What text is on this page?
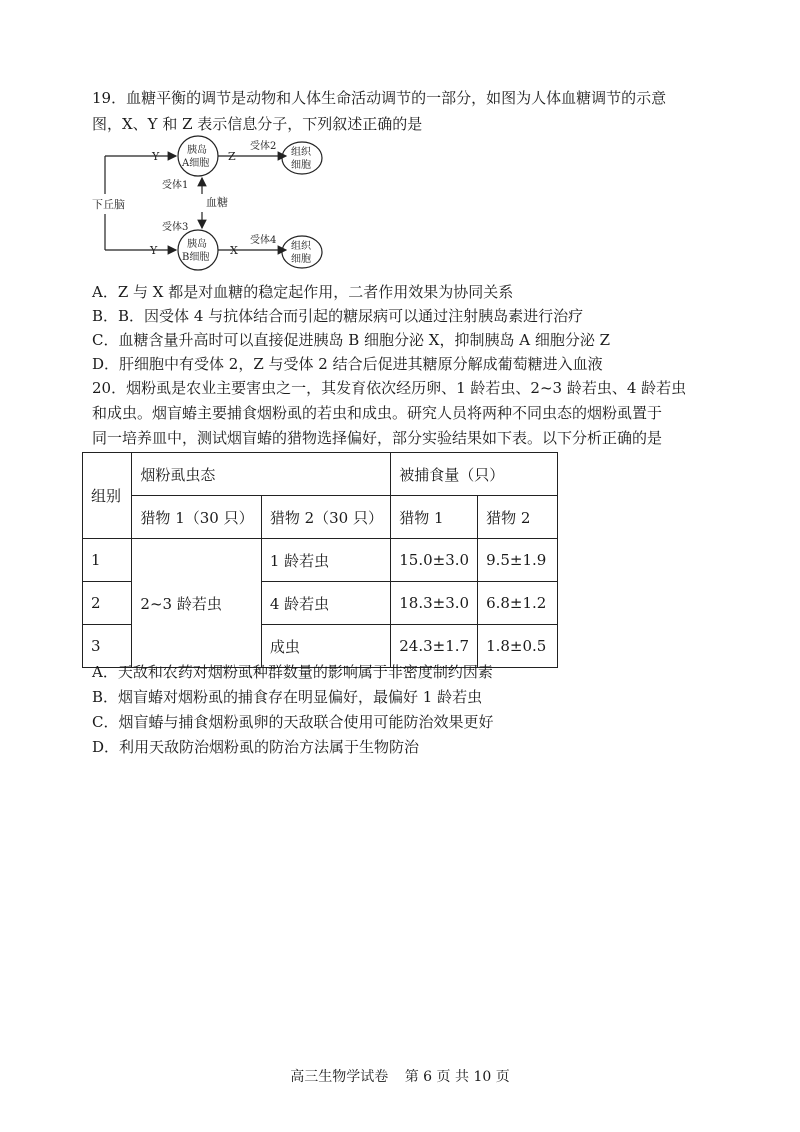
19．血糖平衡的调节是动物和人体生命活动调节的一部分，如图为人体血糖调节的示意
图，X、Y 和 Z 表示信息分子，下列叙述正确的是
下丘脑
Y
Y
胰岛
A细胞
胰岛
B细胞
血糖
受体1
受体3
Z
受体2
X
受体4
组织
细胞
组织
细胞
A．Z 与 X 都是对血糖的稳定起作用，二者作用效果为协同关系
B．B．因受体 4 与抗体结合而引起的糖尿病可以通过注射胰岛素进行治疗
C．血糖含量升高时可以直接促进胰岛 B 细胞分泌 X，抑制胰岛 A 细胞分泌 Z
D．肝细胞中有受体 2，Z 与受体 2 结合后促进其糖原分解成葡萄糖进入血液
20．烟粉虱是农业主要害虫之一，其发育依次经历卵、1 龄若虫、2~3 龄若虫、4 龄若虫
和成虫。烟盲蝽主要捕食烟粉虱的若虫和成虫。研究人员将两种不同虫态的烟粉虱置于
同一培养皿中，测试烟盲蝽的猎物选择偏好，部分实验结果如下表。以下分析正确的是
组别	烟粉虱虫态		被捕食量（只）	
	猎物 1（30 只）	猎物 2（30 只）	猎物 1	猎物 2
1	2~3 龄若虫	1 龄若虫	15.0±3.0	9.5±1.9
2		4 龄若虫	18.3±3.0	6.8±1.2
3		成虫	24.3±1.7	1.8±0.5
A．天敌和农药对烟粉虱种群数量的影响属于非密度制约因素
B．烟盲蝽对烟粉虱的捕食存在明显偏好，最偏好 1 龄若虫
C．烟盲蝽与捕食烟粉虱卵的天敌联合使用可能防治效果更好
D．利用天敌防治烟粉虱的防治方法属于生物防治
高三生物学试卷 第 6 页 共 10 页
